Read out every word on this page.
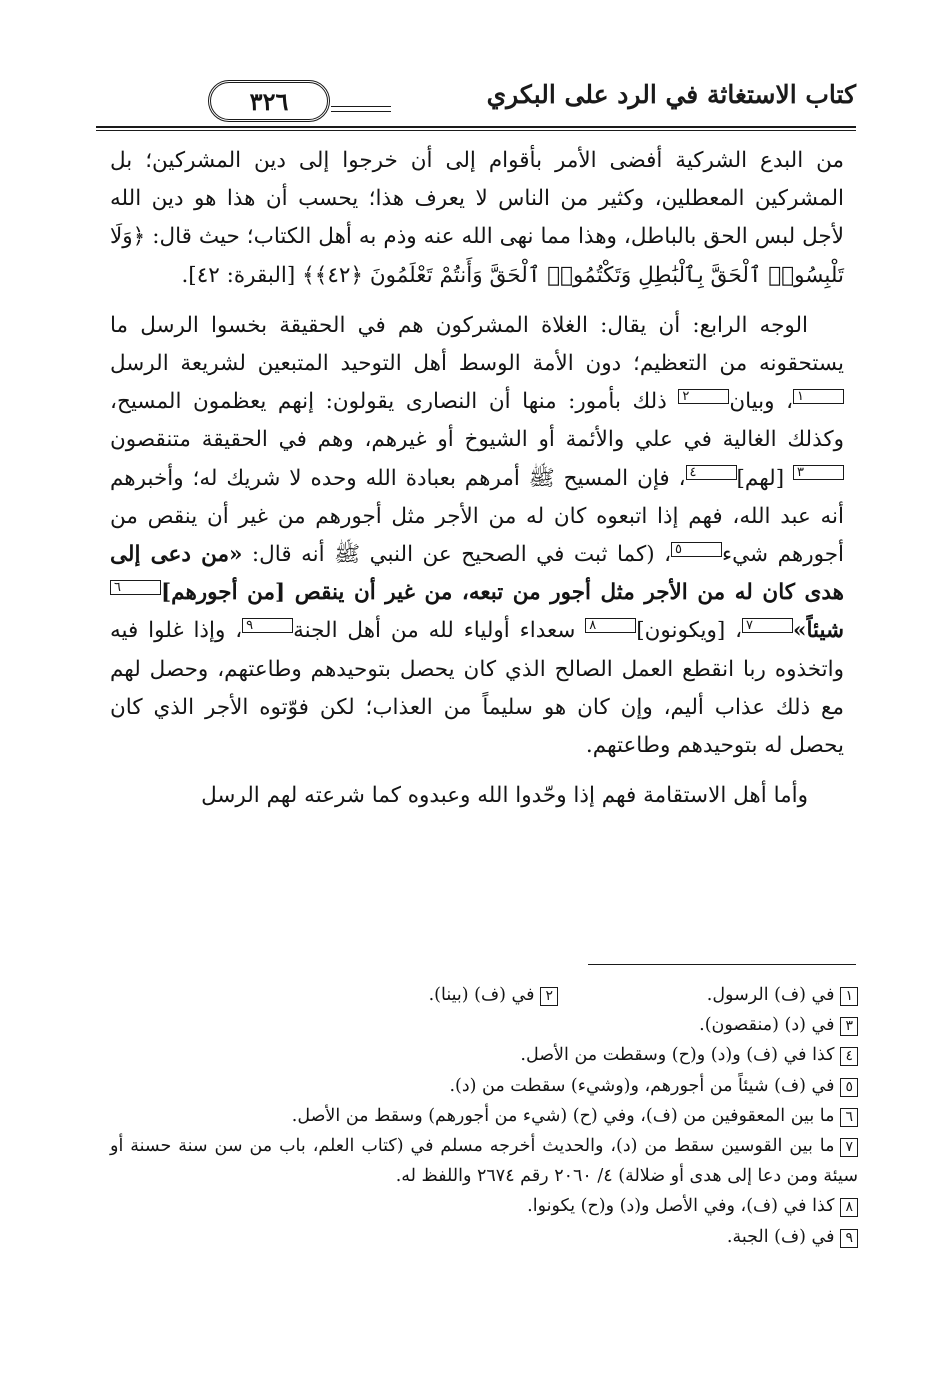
كتاب الاستغاثة في الرد على البكري
٣٢٦

من البدع الشركية أفضى الأمر بأقوام إلى أن خرجوا إلى دين المشركين؛ بل المشركين المعطلين، وكثير من الناس لا يعرف هذا؛ يحسب أن هذا هو دين الله لأجل لبس الحق بالباطل، وهذا مما نهى الله عنه وذم به أهل الكتاب؛ حيث قال: ﴿وَلَا تَلْبِسُوا۟ ٱلْحَقَّ بِٱلْبَٰطِلِ وَتَكْتُمُوا۟ ٱلْحَقَّ وَأَنتُمْ تَعْلَمُونَ ﴿٤٢﴾﴾ [البقرة: ٤٢].

الوجه الرابع: أن يقال: الغلاة المشركون هم في الحقيقة بخسوا الرسل ما يستحقونه من التعظيم؛ دون الأمة الوسط أهل التوحيد المتبعين لشريعة الرسل١، وبيان٢ ذلك بأمور: منها أن النصارى يقولون: إنهم يعظمون المسيح، وكذلك الغالية في علي والأئمة أو الشيوخ أو غيرهم، وهم في الحقيقة متنقصون٣ [لهم]٤، فإن المسيح ﷺ أمرهم بعبادة الله وحده لا شريك له؛ وأخبرهم أنه عبد الله، فهم إذا اتبعوه كان له من الأجر مثل أجورهم من غير أن ينقص من أجورهم شيء٥، (كما ثبت في الصحيح عن النبي ﷺ أنه قال: «من دعى إلى هدى كان له من الأجر مثل أجور من تبعه، من غير أن ينقص [من أجورهم]٦ شيئاً»٧، [ويكونون]٨ سعداء أولياء لله من أهل الجنة٩، وإذا غلوا فيه واتخذوه ربا انقطع العمل الصالح الذي كان يحصل بتوحيدهم وطاعتهم، وحصل لهم مع ذلك عذاب أليم، وإن كان هو سليماً من العذاب؛ لكن فوّتوه الأجر الذي كان يحصل له بتوحيدهم وطاعتهم.

وأما أهل الاستقامة فهم إذا وحّدوا الله وعبدوه كما شرعته لهم الرسل

١في (ف) الرسول.
٢في (ف) (بينا).
٣في (د) (منقصون).
٤كذا في (ف) و(د) و(ح) وسقطت من الأصل.
٥في (ف) شيئاً من أجورهم، و(وشيء) سقطت من (د).
٦ما بين المعقوفين من (ف)، وفي (ح) (شيء من أجورهم) وسقط من الأصل.
٧ما بين القوسين سقط من (د)، والحديث أخرجه مسلم في (كتاب العلم، باب من سن سنة حسنة أو سيئة ومن دعا إلى هدى أو ضلالة) ٤/ ٢٠٦٠ رقم ٢٦٧٤ واللفظ له.
٨كذا في (ف)، وفي الأصل و(د) و(ح) يكونوا.
٩في (ف) الجبة.
